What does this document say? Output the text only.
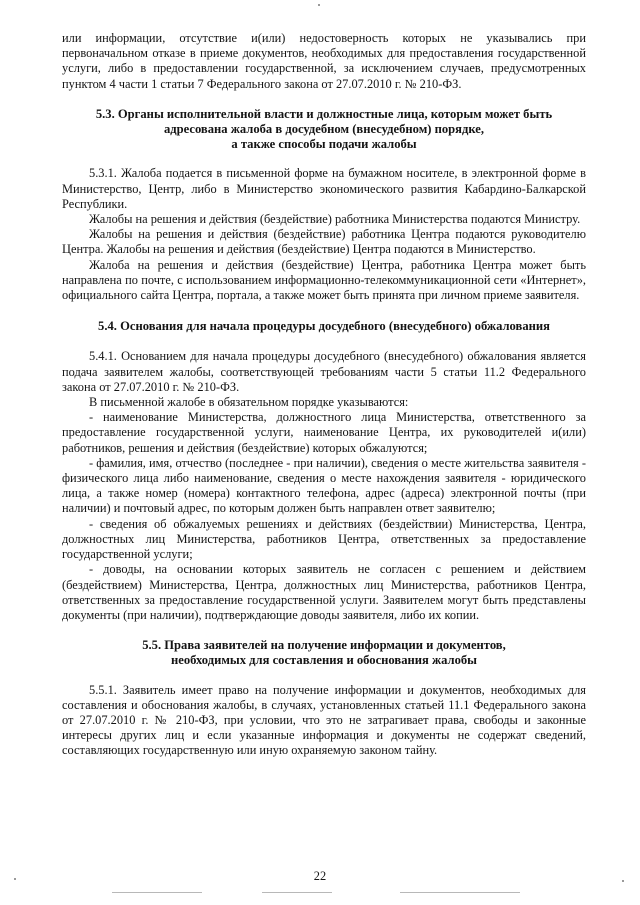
или информации, отсутствие и(или) недостоверность которых не указывались при первоначальном отказе в приеме документов, необходимых для предоставления государственной услуги, либо в предоставлении государственной, за исключением случаев, предусмотренных пунктом 4 части 1 статьи 7 Федерального закона от 27.07.2010 г. № 210-ФЗ.

5.3. Органы исполнительной власти и должностные лица, которым может быть
адресована жалоба в досудебном (внесудебном) порядке,
а также способы подачи жалобы

5.3.1. Жалоба подается в письменной форме на бумажном носителе, в электронной форме в Министерство, Центр, либо в Министерство экономического развития Кабардино-Балкарской Республики.

Жалобы на решения и действия (бездействие) работника Министерства подаются Министру.

Жалобы на решения и действия (бездействие) работника Центра подаются руководителю Центра. Жалобы на решения и действия (бездействие) Центра подаются в Министерство.

Жалоба на решения и действия (бездействие) Центра, работника Центра может быть направлена по почте, с использованием информационно-телекоммуникационной сети «Интернет», официального сайта Центра, портала, а также может быть принята при личном приеме заявителя.

5.4. Основания для начала процедуры досудебного (внесудебного) обжалования

5.4.1. Основанием для начала процедуры досудебного (внесудебного) обжалования является подача заявителем жалобы, соответствующей требованиям части 5 статьи 11.2 Федерального закона от 27.07.2010 г. № 210-ФЗ.

В письменной жалобе в обязательном порядке указываются:

- наименование Министерства, должностного лица Министерства, ответственного за предоставление государственной услуги, наименование Центра, их руководителей и(или) работников, решения и действия (бездействие) которых обжалуются;

- фамилия, имя, отчество (последнее - при наличии), сведения о месте жительства заявителя - физического лица либо наименование, сведения о месте нахождения заявителя - юридического лица, а также номер (номера) контактного телефона, адрес (адреса) электронной почты (при наличии) и почтовый адрес, по которым должен быть направлен ответ заявителю;

- сведения об обжалуемых решениях и действиях (бездействии) Министерства, Центра, должностных лиц Министерства, работников Центра, ответственных за предоставление государственной услуги;

- доводы, на основании которых заявитель не согласен с решением и действием (бездействием) Министерства, Центра, должностных лиц Министерства, работников Центра, ответственных за предоставление государственной услуги. Заявителем могут быть представлены документы (при наличии), подтверждающие доводы заявителя, либо их копии.

5.5. Права заявителей на получение информации и документов,
необходимых для составления и обоснования жалобы

5.5.1. Заявитель имеет право на получение информации и документов, необходимых для составления и обоснования жалобы, в случаях, установленных статьей 11.1 Федерального закона от 27.07.2010 г. № 210-ФЗ, при условии, что это не затрагивает права, свободы и законные интересы других лиц и если указанные информация и документы не содержат сведений, составляющих государственную или иную охраняемую законом тайну.

22
